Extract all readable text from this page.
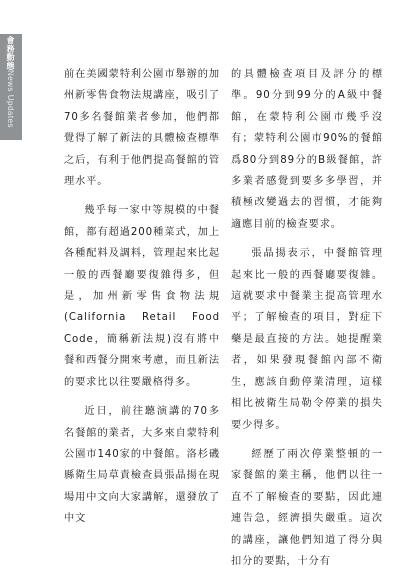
會務動態News Updates	前在美國蒙特利公園市舉辦的加州新零售食物法規講座，吸引了70多名餐館業者參加，他們都覺得了解了新法的具體檢查標準之后，有利于他們提高餐館的管理水平。

幾乎每一家中等規模的中餐館，都有超過200種菜式，加上各種配料及調料，管理起來比起一般的西餐廳要復雜得多，但是，加州新零售食物法規(California Retail Food Code，簡稱新法規)沒有將中餐和西餐分開來考慮，而且新法的要求比以往要嚴格得多。

近日，前往聽演講的70多名餐館的業者，大多來自蒙特利公園市140家的中餐館。洛杉磯縣衛生局草責檢查員張晶揚在現場用中文向大家講解，還發放了中文

的具體檢查項目及評分的標準。90分到99分的A級中餐館，在蒙特利公園市幾乎沒有；蒙特利公園市90%的餐館爲80分到89分的B級餐館，許多業者感覺到要多多學習，并積極改變過去的習慣，才能夠適應目前的檢查要求。

張晶揚表示，中餐館管理起來比一般的西餐廳要復雜。這就要求中餐業主提高管理水平；了解檢查的項目，對症下藥是最直接的方法。她提醒業者，如果發現餐館內部不衛生，應該自動停業清理，這樣相比被衛生局勒令停業的損失要少得多。

經歷了兩次停業整頓的一家餐館的業主稱，他們以往一直不了解檢查的要點，因此連連告急，經濟損失嚴重。這次的講座，讓他們知道了得分與扣分的要點，十分有
